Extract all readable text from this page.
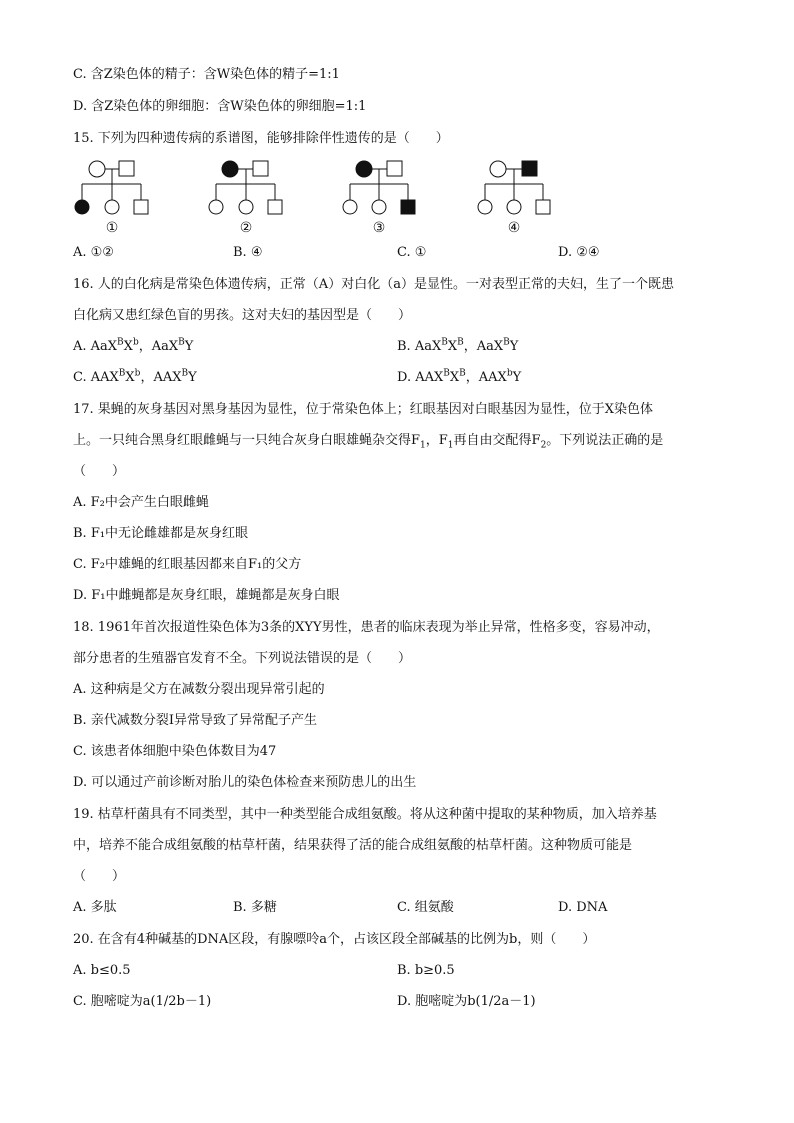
C. 含Z染色体的精子：含W染色体的精子=1:1
D. 含Z染色体的卵细胞：含W染色体的卵细胞=1:1
15. 下列为四种遗传病的系谱图，能够排除伴性遗传的是（　　）
①	②	③	④
A. ①②	B. ④	C. ①	D. ②④
16. 人的白化病是常染色体遗传病，正常（A）对白化（a）是显性。一对表型正常的夫妇，生了一个既患
白化病又患红绿色盲的男孩。这对夫妇的基因型是（　　）
A. $AaX^BX^b$，AaX$^B$Y	B. $AaX^BX^B$，AaX$^B$Y
C. $AAX^BX^b$，$AAX^BY$	D. $AAX^BX^B$，AAX$^b$Y
17. 果蝇的灰身基因对黑身基因为显性，位于常染色体上；红眼基因对白眼基因为显性，位于X染色体
上。一只纯合黑身红眼雌蝇与一只纯合灰身白眼雄蝇杂交得$F_1$，$F_1$再自由交配得$F_2$。下列说法正确的是
（　　）
A. F₂中会产生白眼雌蝇
B. F₁中无论雌雄都是灰身红眼
C. F₂中雄蝇的红眼基因都来自F₁的父方
D. F₁中雌蝇都是灰身红眼，雄蝇都是灰身白眼
18. 1961年首次报道性染色体为3条的XYY男性，患者的临床表现为举止异常，性格多变，容易冲动，
部分患者的生殖器官发育不全。下列说法错误的是（　　）
A. 这种病是父方在减数分裂出现异常引起的
B. 亲代减数分裂Ⅰ异常导致了异常配子产生
C. 该患者体细胞中染色体数目为47
D. 可以通过产前诊断对胎儿的染色体检查来预防患儿的出生
19. 枯草杆菌具有不同类型，其中一种类型能合成组氨酸。将从这种菌中提取的某种物质，加入培养基
中，培养不能合成组氨酸的枯草杆菌，结果获得了活的能合成组氨酸的枯草杆菌。这种物质可能是
（　　）
A. 多肽	B. 多糖	C. 组氨酸	D. DNA
20. 在含有4种碱基的DNA区段，有腺嘌呤a个，占该区段全部碱基的比例为b，则（　　）
A. b≤0.5	B. b≥0.5
C. 胞嘧啶为a(1/2b－1)	D. 胞嘧啶为b(1/2a－1)
